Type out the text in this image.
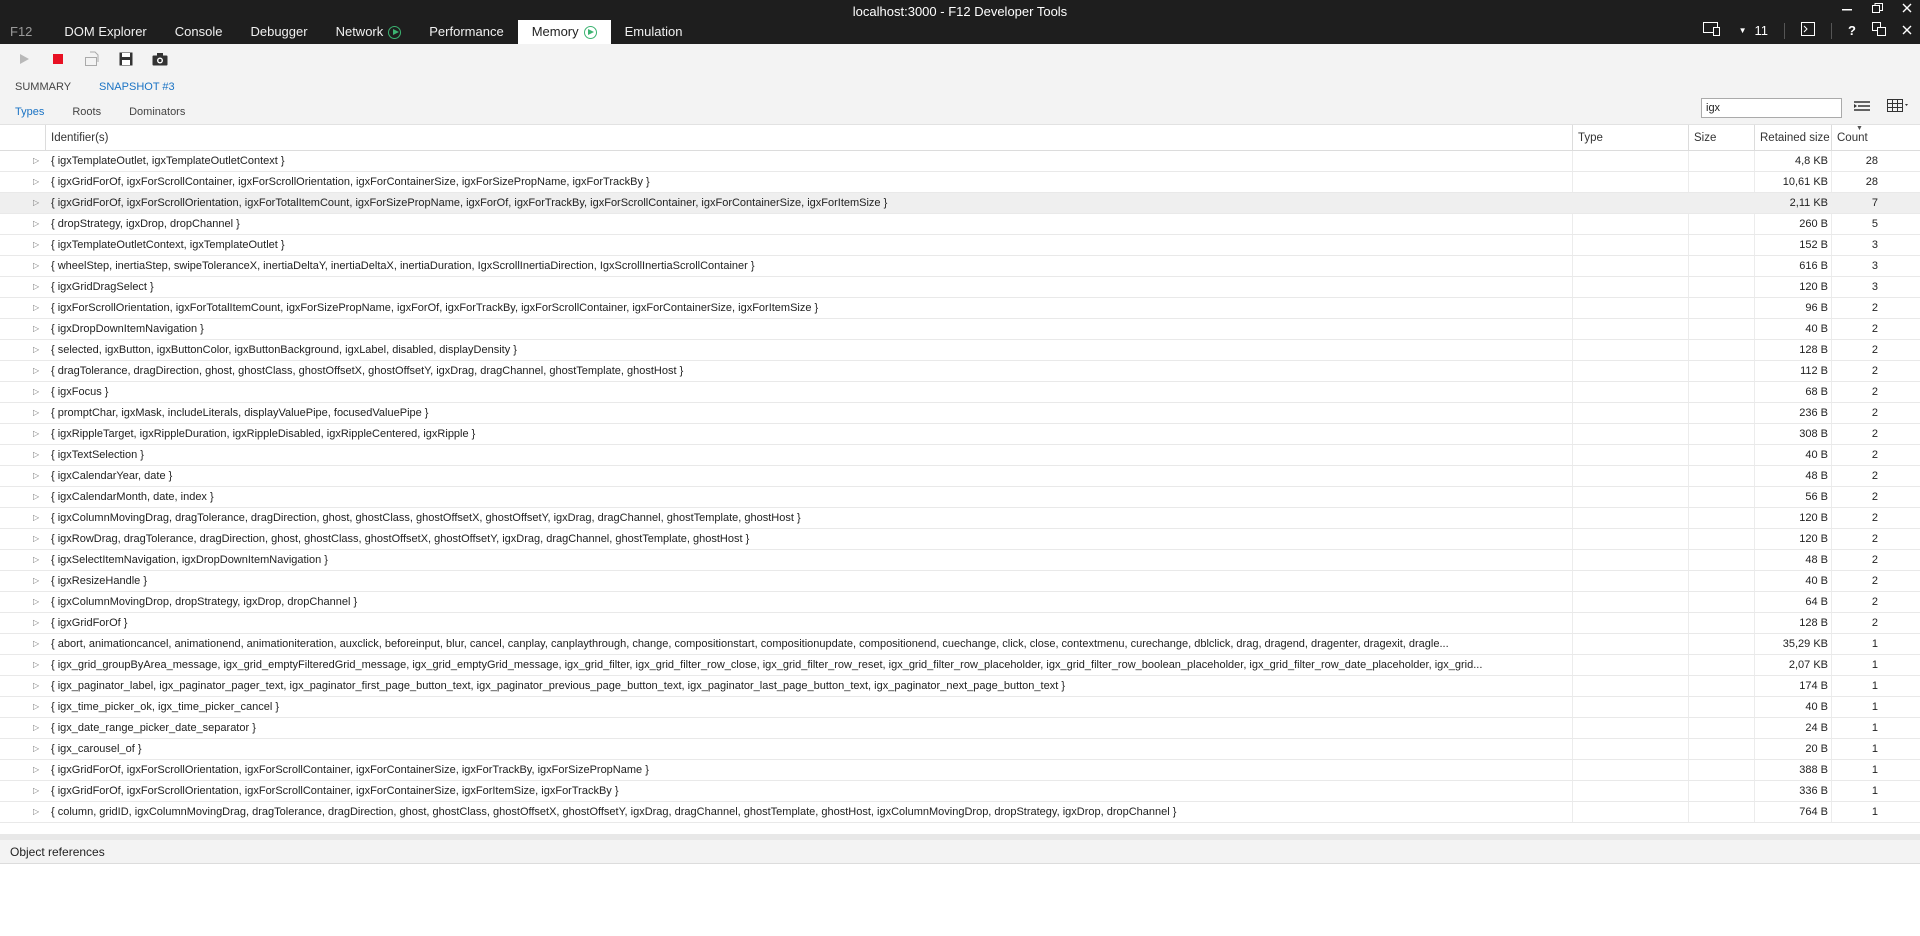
localhost:3000 - F12 Developer Tools
F12	DOM Explorer	Console	Debugger	Network	Performance	Memory	Emulation	▼ 11	?
SUMMARY	SNAPSHOT #3
Types	Roots	Dominators
igx
Identifier(s)	Type	Size	Retained size Count
▼
▷	{ igxTemplateOutlet, igxTemplateOutletContext }	4,8 KB	28
▷	{ igxGridForOf, igxForScrollContainer, igxForScrollOrientation, igxForContainerSize, igxForSizePropName, igxForTrackBy }	10,61 KB	28
▷	{ igxGridForOf, igxForScrollOrientation, igxForTotalItemCount, igxForSizePropName, igxForOf, igxForTrackBy, igxForScrollContainer, igxForContainerSize, igxForItemSize }	2,11 KB	7
▷	{ dropStrategy, igxDrop, dropChannel }	260 B	5
▷	{ igxTemplateOutletContext, igxTemplateOutlet }	152 B	3
▷	{ wheelStep, inertiaStep, swipeToleranceX, inertiaDeltaY, inertiaDeltaX, inertiaDuration, IgxScrollInertiaDirection, IgxScrollInertiaScrollContainer }	616 B	3
▷	{ igxGridDragSelect }	120 B	3
▷	{ igxForScrollOrientation, igxForTotalItemCount, igxForSizePropName, igxForOf, igxForTrackBy, igxForScrollContainer, igxForContainerSize, igxForItemSize }	96 B	2
▷	{ igxDropDownItemNavigation }	40 B	2
▷	{ selected, igxButton, igxButtonColor, igxButtonBackground, igxLabel, disabled, displayDensity }	128 B	2
▷	{ dragTolerance, dragDirection, ghost, ghostClass, ghostOffsetX, ghostOffsetY, igxDrag, dragChannel, ghostTemplate, ghostHost }	112 B	2
▷	{ igxFocus }	68 B	2
▷	{ promptChar, igxMask, includeLiterals, displayValuePipe, focusedValuePipe }	236 B	2
▷	{ igxRippleTarget, igxRippleDuration, igxRippleDisabled, igxRippleCentered, igxRipple }	308 B	2
▷	{ igxTextSelection }	40 B	2
▷	{ igxCalendarYear, date }	48 B	2
▷	{ igxCalendarMonth, date, index }	56 B	2
▷	{ igxColumnMovingDrag, dragTolerance, dragDirection, ghost, ghostClass, ghostOffsetX, ghostOffsetY, igxDrag, dragChannel, ghostTemplate, ghostHost }	120 B	2
▷	{ igxRowDrag, dragTolerance, dragDirection, ghost, ghostClass, ghostOffsetX, ghostOffsetY, igxDrag, dragChannel, ghostTemplate, ghostHost }	120 B	2
▷	{ igxSelectItemNavigation, igxDropDownItemNavigation }	48 B	2
▷	{ igxResizeHandle }	40 B	2
▷	{ igxColumnMovingDrop, dropStrategy, igxDrop, dropChannel }	64 B	2
▷	{ igxGridForOf }	128 B	2
▷	{ abort, animationcancel, animationend, animationiteration, auxclick, beforeinput, blur, cancel, canplay, canplaythrough, change, compositionstart, compositionupdate, compositionend, cuechange, click, close, contextmenu, curechange, dblclick, drag, dragend, dragenter, dragexit, dragle...	35,29 KB	1
▷	{ igx_grid_groupByArea_message, igx_grid_emptyFilteredGrid_message, igx_grid_emptyGrid_message, igx_grid_filter, igx_grid_filter_row_close, igx_grid_filter_row_reset, igx_grid_filter_row_placeholder, igx_grid_filter_row_boolean_placeholder, igx_grid_filter_row_date_placeholder, igx_grid...	2,07 KB	1
▷	{ igx_paginator_label, igx_paginator_pager_text, igx_paginator_first_page_button_text, igx_paginator_previous_page_button_text, igx_paginator_last_page_button_text, igx_paginator_next_page_button_text }	174 B	1
▷	{ igx_time_picker_ok, igx_time_picker_cancel }	40 B	1
▷	{ igx_date_range_picker_date_separator }	24 B	1
▷	{ igx_carousel_of }	20 B	1
▷	{ igxGridForOf, igxForScrollOrientation, igxForScrollContainer, igxForContainerSize, igxForTrackBy, igxForSizePropName }	388 B	1
▷	{ igxGridForOf, igxForScrollOrientation, igxForScrollContainer, igxForContainerSize, igxForItemSize, igxForTrackBy }	336 B	1
▷	{ column, gridID, igxColumnMovingDrag, dragTolerance, dragDirection, ghost, ghostClass, ghostOffsetX, ghostOffsetY, igxDrag, dragChannel, ghostTemplate, ghostHost, igxColumnMovingDrop, dropStrategy, igxDrop, dropChannel }	764 B	1
Object references
